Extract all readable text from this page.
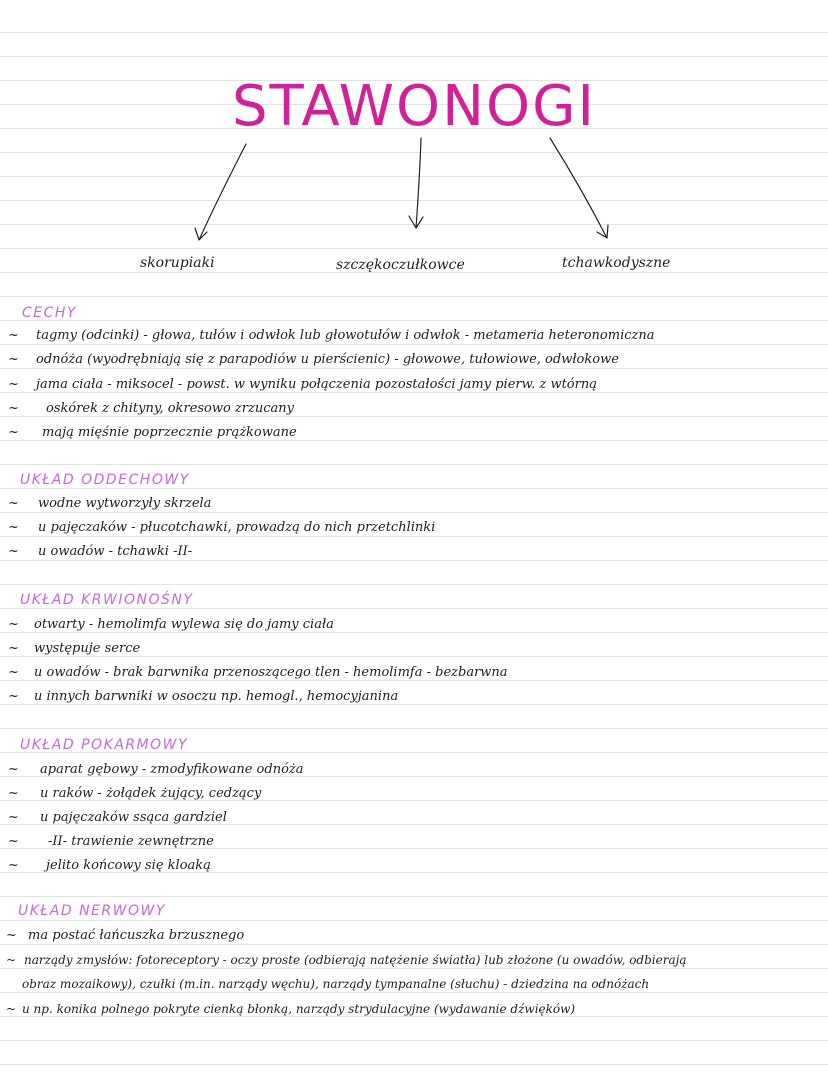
STAWONOGI
skorupiaki	szczękoczułkowce	tchawkodyszne
CECHY
~ tagmy (odcinki) - głowa, tułów i odwłok lub głowotułów i odwłok - metameria heteronomiczna
~ odnóża (wyodrębniają się z parapodiów u pierścienic) - głowowe, tułowiowe, odwłokowe
~ jama ciała - miksocel - powst. w wyniku połączenia pozostałości jamy pierw. z wtórną
~ oskórek z chityny, okresowo zrzucany
~ mają mięśnie poprzecznie prążkowane
UKŁAD ODDECHOWY
~ wodne wytworzyły skrzela
~ u pajęczaków - płucotchawki, prowadzą do nich przetchlinki
~ u owadów - tchawki -II-
UKŁAD KRWIONOŚNY
~ otwarty - hemolimfa wylewa się do jamy ciała
~ występuje serce
~ u owadów - brak barwnika przenoszącego tlen - hemolimfa - bezbarwna
~ u innych barwniki w osoczu np. hemogl., hemocyjanina
UKŁAD POKARMOWY
~ aparat gębowy - zmodyfikowane odnóża
~ u raków - żołądek żujący, cedzący
~ u pajęczaków ssąca gardziel
~ -II- trawienie zewnętrzne
~ jelito końcowy się kloaką
UKŁAD NERWOWY
~ ma postać łańcuszka brzusznego
~ narządy zmysłów: fotoreceptory - oczy proste (odbierają natężenie światła) lub złożone (u owadów, odbierają
obraz mozaikowy), czułki (m.in. narządy węchu), narządy tympanalne (słuchu) - dziedzina na odnóżach
~ u np. konika polnego pokryte cienką błonką, narządy strydulacyjne (wydawanie dźwięków)
